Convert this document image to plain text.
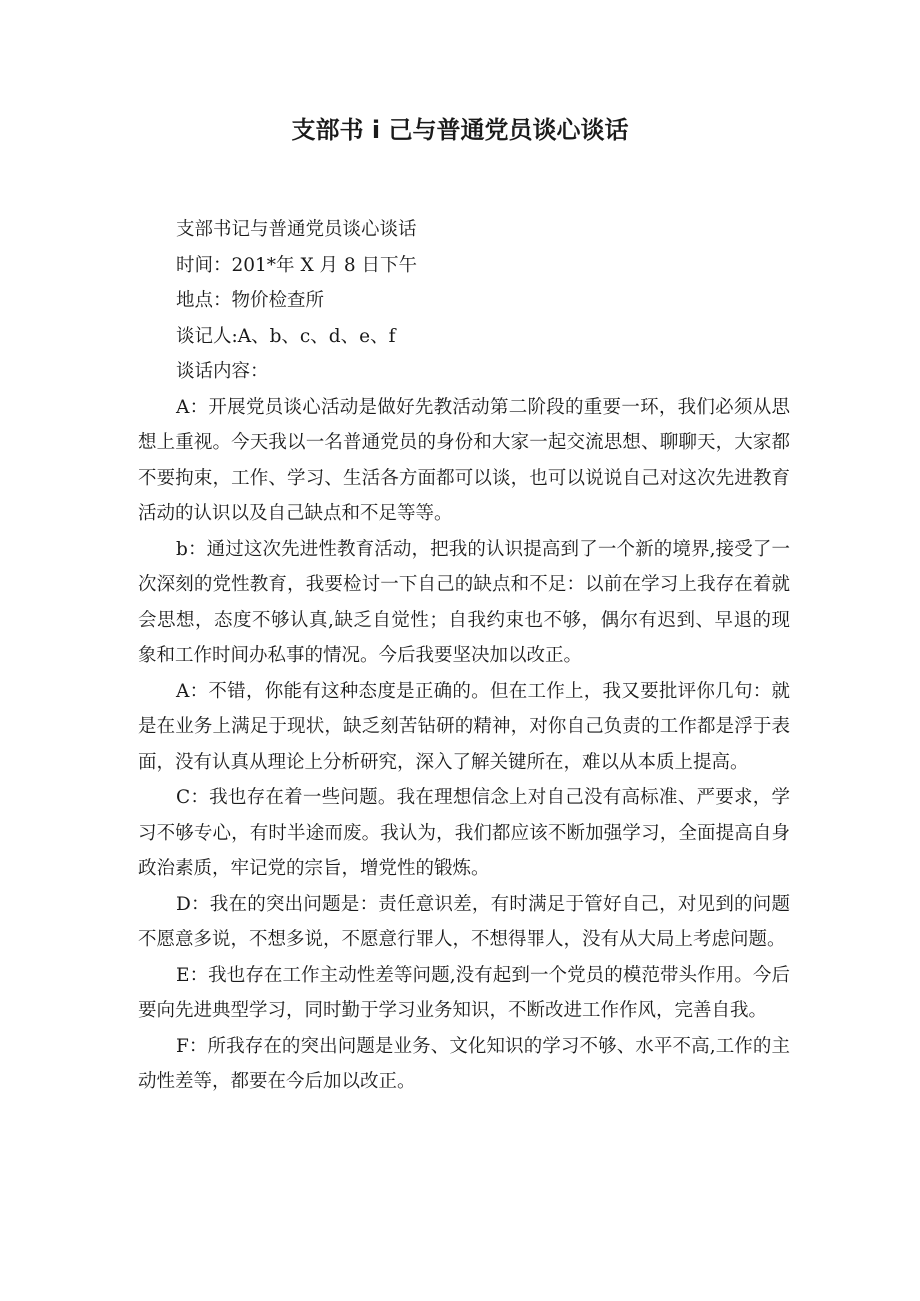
支部书 i 己与普通党员谈心谈话

支部书记与普通党员谈心谈话

时间：201*年 X 月 8 日下午

地点：物价检查所

谈记人:A、b、c、d、e、f

谈话内容：

A：开展党员谈心活动是做好先教活动第二阶段的重要一环，我们必须从思想上重视。今天我以一名普通党员的身份和大家一起交流思想、聊聊天，大家都不要拘束，工作、学习、生活各方面都可以谈，也可以说说自己对这次先进教育活动的认识以及自己缺点和不足等等。

b：通过这次先进性教育活动，把我的认识提高到了一个新的境界,接受了一次深刻的党性教育，我要检讨一下自己的缺点和不足：以前在学习上我存在着就会思想，态度不够认真,缺乏自觉性；自我约束也不够，偶尔有迟到、早退的现象和工作时间办私事的情况。今后我要坚决加以改正。

A：不错，你能有这种态度是正确的。但在工作上，我又要批评你几句：就是在业务上满足于现状，缺乏刻苦钻研的精神，对你自己负责的工作都是浮于表面，没有认真从理论上分析研究，深入了解关键所在，难以从本质上提高。

C：我也存在着一些问题。我在理想信念上对自己没有高标准、严要求，学习不够专心，有时半途而废。我认为，我们都应该不断加强学习，全面提高自身政治素质，牢记党的宗旨，增党性的锻炼。

D：我在的突出问题是：责任意识差，有时满足于管好自己，对见到的问题不愿意多说，不想多说，不愿意行罪人，不想得罪人，没有从大局上考虑问题。

E：我也存在工作主动性差等问题,没有起到一个党员的模范带头作用。今后要向先进典型学习，同时勤于学习业务知识，不断改进工作作风，完善自我。

F：所我存在的突出问题是业务、文化知识的学习不够、水平不高,工作的主动性差等，都要在今后加以改正。
